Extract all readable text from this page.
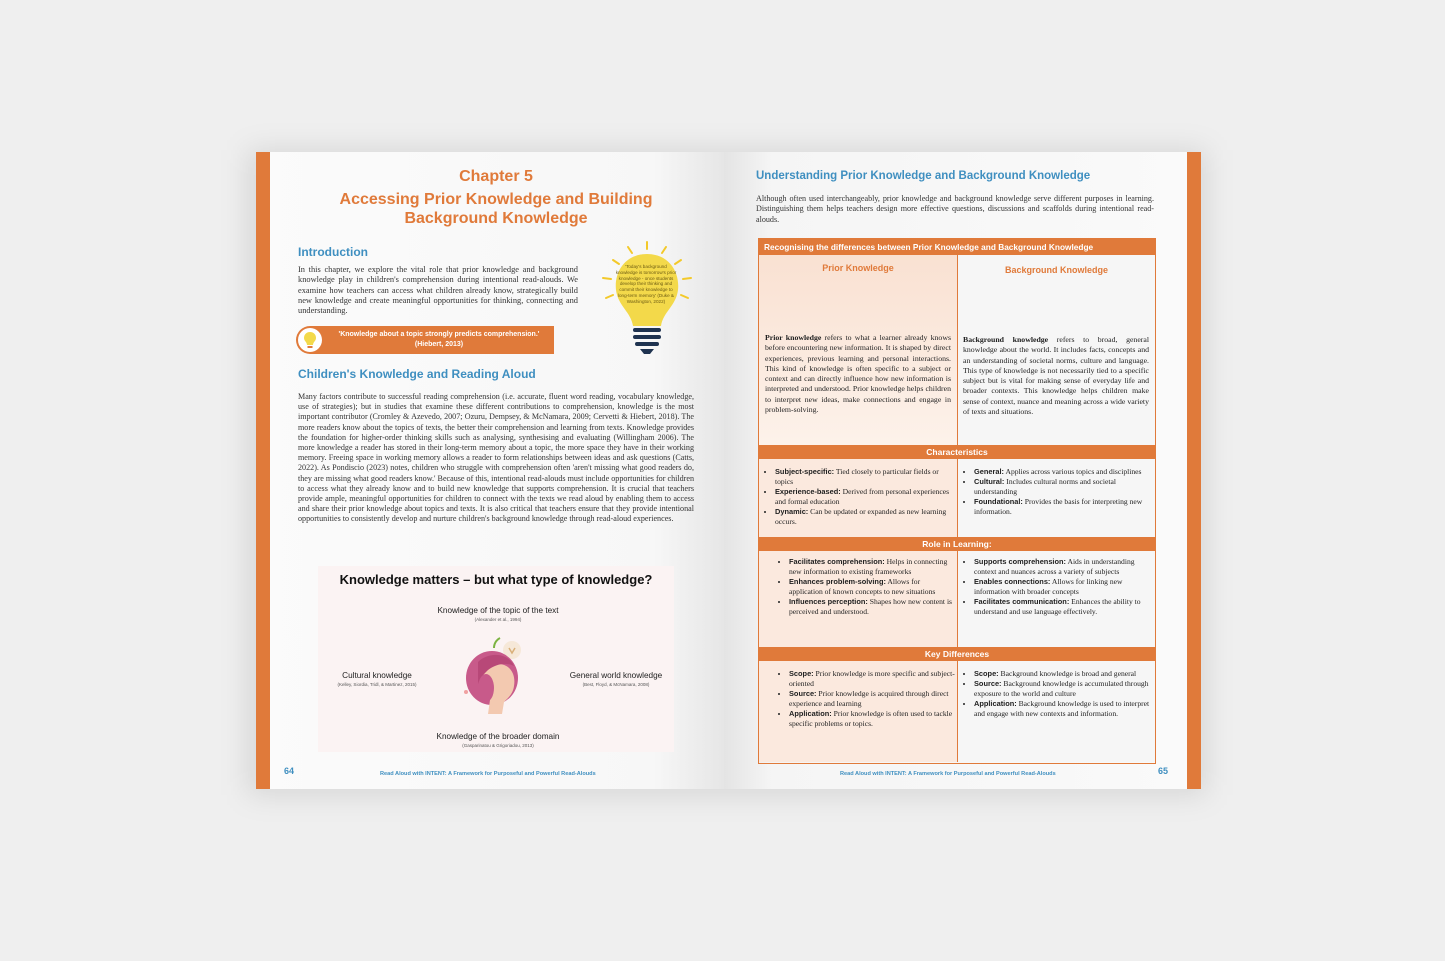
Chapter 5
Accessing Prior Knowledge and Building Background Knowledge
Introduction
In this chapter, we explore the vital role that prior knowledge and background knowledge play in children's comprehension during intentional read-alouds. We examine how teachers can access what children already know, strategically build new knowledge and create meaningful opportunities for thinking, connecting and understanding.
'Today's background knowledge is tomorrow's prior knowledge - once students develop their thinking and commit their knowledge to long-term memory' (Duke & Washington, 2022)
'Knowledge about a topic strongly predicts comprehension.' (Hiebert, 2013)
Children's Knowledge and Reading Aloud
Many factors contribute to successful reading comprehension (i.e. accurate, fluent word reading, vocabulary knowledge, use of strategies); but in studies that examine these different contributions to comprehension, knowledge is the most important contributor (Cromley & Azevedo, 2007; Ozuru, Dempsey, & McNamara, 2009; Cervetti & Hiebert, 2018). The more readers know about the topics of texts, the better their comprehension and learning from texts. Knowledge provides the foundation for higher-order thinking skills such as analysing, synthesising and evaluating (Willingham 2006). The more knowledge a reader has stored in their long-term memory about a topic, the more space they have in their working memory. Freeing space in working memory allows a reader to form relationships between ideas and ask questions (Catts, 2022). As Pondiscio (2023) notes, children who struggle with comprehension often 'aren't missing what good readers do, they are missing what good readers know.' Because of this, intentional read-alouds must include opportunities for children to access what they already know and to build new knowledge that supports comprehension. It is crucial that teachers provide ample, meaningful opportunities for children to connect with the texts we read aloud by enabling them to access and share their prior knowledge about topics and texts. It is also critical that teachers ensure that they provide intentional opportunities to consistently develop and nurture children's background knowledge through read-aloud experiences.
Knowledge matters – but what type of knowledge?
Knowledge of the topic of the text
(Alexander et al., 1994)
Cultural knowledge
(Kelley, Siordia, Tridl, & Martinez, 2015)
General world knowledge
(Best, Floyd, & McNamara, 2008)
Knowledge of the broader domain
(Gasparinatou & Grigoriadou, 2013)
64	Read Aloud with INTENT: A Framework for Purposeful and Powerful Read-Alouds
Understanding Prior Knowledge and Background Knowledge
Although often used interchangeably, prior knowledge and background knowledge serve different purposes in learning. Distinguishing them helps teachers design more effective questions, discussions and scaffolds during intentional read-alouds.
Recognising the differences between Prior Knowledge and Background Knowledge
Prior Knowledge
Prior knowledge refers to what a learner already knows before encountering new information. It is shaped by direct experiences, previous learning and personal interactions. This kind of knowledge is often specific to a subject or context and can directly influence how new information is interpreted and understood. Prior knowledge helps children to interpret new ideas, make connections and engage in problem-solving.
Background Knowledge
Background knowledge refers to broad, general knowledge about the world. It includes facts, concepts and an understanding of societal norms, culture and language. This type of knowledge is not necessarily tied to a specific subject but is vital for making sense of everyday life and broader contexts. This knowledge helps children make sense of context, nuance and meaning across a wide variety of texts and situations.
Characteristics
• Subject-specific: Tied closely to particular fields or topics
• Experience-based: Derived from personal experiences and formal education
• Dynamic: Can be updated or expanded as new learning occurs.
• General: Applies across various topics and disciplines
• Cultural: Includes cultural norms and societal understanding
• Foundational: Provides the basis for interpreting new information.
Role in Learning:
• Facilitates comprehension: Helps in connecting new information to existing frameworks
• Enhances problem-solving: Allows for application of known concepts to new situations
• Influences perception: Shapes how new content is perceived and understood.
• Supports comprehension: Aids in understanding context and nuances across a variety of subjects
• Enables connections: Allows for linking new information with broader concepts
• Facilitates communication: Enhances the ability to understand and use language effectively.
Key Differences
• Scope: Prior knowledge is more specific and subject-oriented
• Source: Prior knowledge is acquired through direct experience and learning
• Application: Prior knowledge is often used to tackle specific problems or topics.
• Scope: Background knowledge is broad and general
• Source: Background knowledge is accumulated through exposure to the world and culture
• Application: Background knowledge is used to interpret and engage with new contexts and information.
Read Aloud with INTENT: A Framework for Purposeful and Powerful Read-Alouds	65
